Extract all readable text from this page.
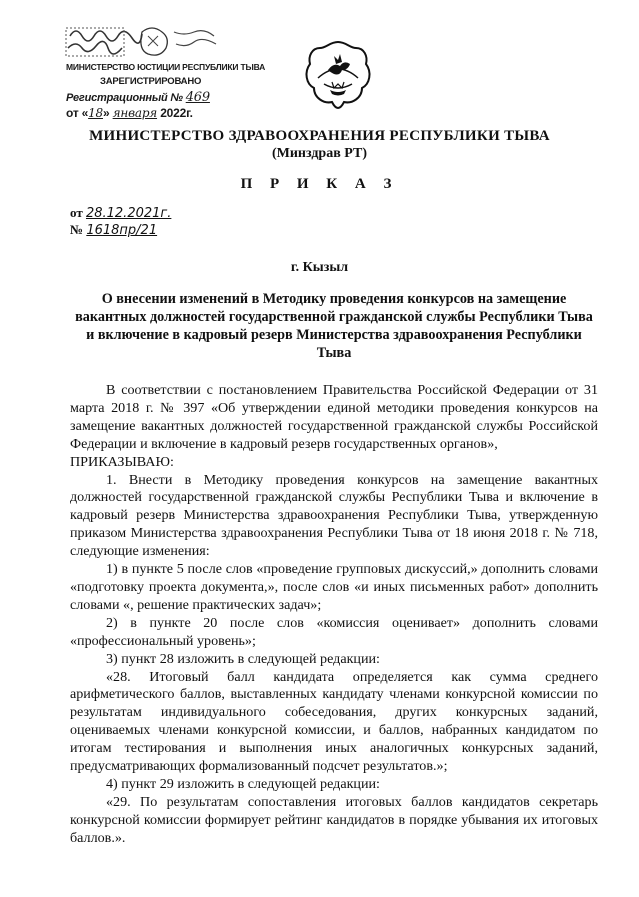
МИНИСТЕРСТВО ЮСТИЦИИ РЕСПУБЛИКИ ТЫВА
ЗАРЕГИСТРИРОВАНО
Регистрационный № 469
от «18» января 2022г.
МИНИСТЕРСТВО ЗДРАВООХРАНЕНИЯ РЕСПУБЛИКИ ТЫВА
(Минздрав РТ)
П Р И К А З
от 28.12.2021г.
№ 1618пр/21
г. Кызыл
О внесении изменений в Методику проведения конкурсов на замещение вакантных должностей государственной гражданской службы Республики Тыва и включение в кадровый резерв Министерства здравоохранения Республики Тыва

В соответствии с постановлением Правительства Российской Федерации от 31 марта 2018 г. № 397 «Об утверждении единой методики проведения конкурсов на замещение вакантных должностей государственной гражданской службы Российской Федерации и включение в кадровый резерв государственных органов»,

ПРИКАЗЫВАЮ:

1. Внести в Методику проведения конкурсов на замещение вакантных должностей государственной гражданской службы Республики Тыва и включение в кадровый резерв Министерства здравоохранения Республики Тыва, утвержденную приказом Министерства здравоохранения Республики Тыва от 18 июня 2018 г. № 718, следующие изменения:

1) в пункте 5 после слов «проведение групповых дискуссий,» дополнить словами «подготовку проекта документа,», после слов «и иных письменных работ» дополнить словами «, решение практических задач»;

2) в пункте 20 после слов «комиссия оценивает» дополнить словами «профессиональный уровень»;

3) пункт 28 изложить в следующей редакции:

«28. Итоговый балл кандидата определяется как сумма среднего арифметического баллов, выставленных кандидату членами конкурсной комиссии по результатам индивидуального собеседования, других конкурсных заданий, оцениваемых членами конкурсной комиссии, и баллов, набранных кандидатом по итогам тестирования и выполнения иных аналогичных конкурсных заданий, предусматривающих формализованный подсчет результатов.»;

4) пункт 29 изложить в следующей редакции:

«29. По результатам сопоставления итоговых баллов кандидатов секретарь конкурсной комиссии формирует рейтинг кандидатов в порядке убывания их итоговых баллов.».
